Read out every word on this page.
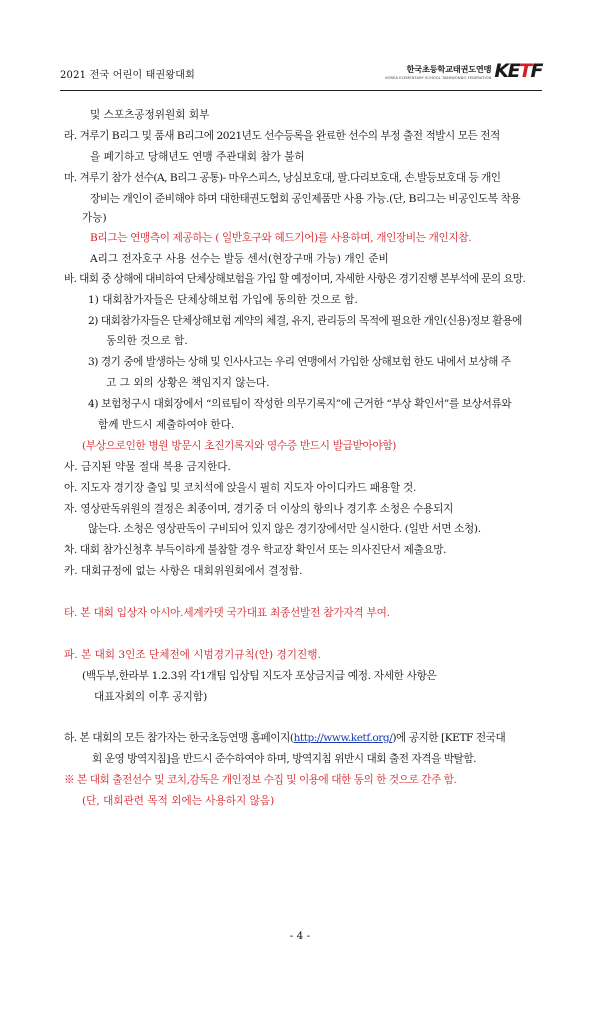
2021 전국 어린이 태권왕대회
한국초등학교태권도연맹
KOREA ELEMENTARY SCHOOL TAEKWONDO FEDERATION KETF
및 스포츠공정위원회 회부
라. 겨루기 B리그 및 품새 B리그에 2021년도 선수등록을 완료한 선수의 부정 출전 적발시 모든 전적
을 폐기하고 당해년도 연맹 주관대회 참가 불허
마. 겨루기 참가 선수(A, B리그 공통)- 마우스피스, 낭심보호대, 팔.다리보호대, 손.발등보호대 등 개인
장비는 개인이 준비해야 하며 대한태권도협회 공인제품만 사용 가능.(단, B리그는 비공인도복 착용
가능)
B리그는 연맹측이 제공하는 ( 일반호구와 헤드기어)를 사용하며, 개인장비는 개인지참.
A리그 전자호구 사용 선수는 발등 센서(현장구매 가능) 개인 준비
바. 대회 중 상해에 대비하여 단체상해보험을 가입 할 예정이며, 자세한 사항은 경기진행 본부석에 문의 요망.
1) 대회참가자들은 단체상해보험 가입에 동의한 것으로 함.
2) 대회참가자들은 단체상해보험 계약의 체결, 유지, 관리등의 목적에 필요한 개인(신용)정보 활용에
동의한 것으로 함.
3) 경기 중에 발생하는 상해 및 인사사고는 우리 연맹에서 가입한 상해보험 한도 내에서 보상해 주
고 그 외의 상황은 책임지지 않는다.
4) 보험청구시 대회장에서 “의료팀이 작성한 의무기록지”에 근거한 “부상 확인서”를 보상서류와
함께 반드시 제출하여야 한다.
(부상으로인한 병원 방문시 초진기록지와 영수증 반드시 발급받아야함)
사. 금지된 약물 절대 복용 금지한다.
아. 지도자 경기장 출입 및 코치석에 앉을시 필히 지도자 아이디카드 패용할 것.
자. 영상판독위원의 결정은 최종이며, 경기중 더 이상의 항의나 경기후 소청은 수용되지
않는다. 소청은 영상판독이 구비되어 있지 않은 경기장에서만 실시한다. (일반 서면 소청).
차. 대회 참가신청후 부득이하게 불참할 경우 학교장 확인서 또는 의사진단서 제출요망.
카. 대회규정에 없는 사항은 대회위원회에서 결정함.
타. 본 대회 입상자 아시아.세계카뎃 국가대표 최종선발전 참가자격 부여.
파. 본 대회 3인조 단체전에 시범경기규칙(안) 경기진행.
(백두부,한라부 1.2.3위 각1개팀 입상팀 지도자 포상금지급 예정. 자세한 사항은
대표자회의 이후 공지함)
하. 본 대회의 모든 참가자는 한국초등연맹 홈페이지(http://www.ketf.org/)에 공지한 [KETF 전국대
회 운영 방역지침]을 반드시 준수하여야 하며, 방역지침 위반시 대회 출전 자격을 박탈함.
※ 본 대회 출전선수 및 코치,감독은 개인정보 수집 및 이용에 대한 동의 한 것으로 간주 함.
(단, 대회관련 목적 외에는 사용하지 않음)
- 4 -
